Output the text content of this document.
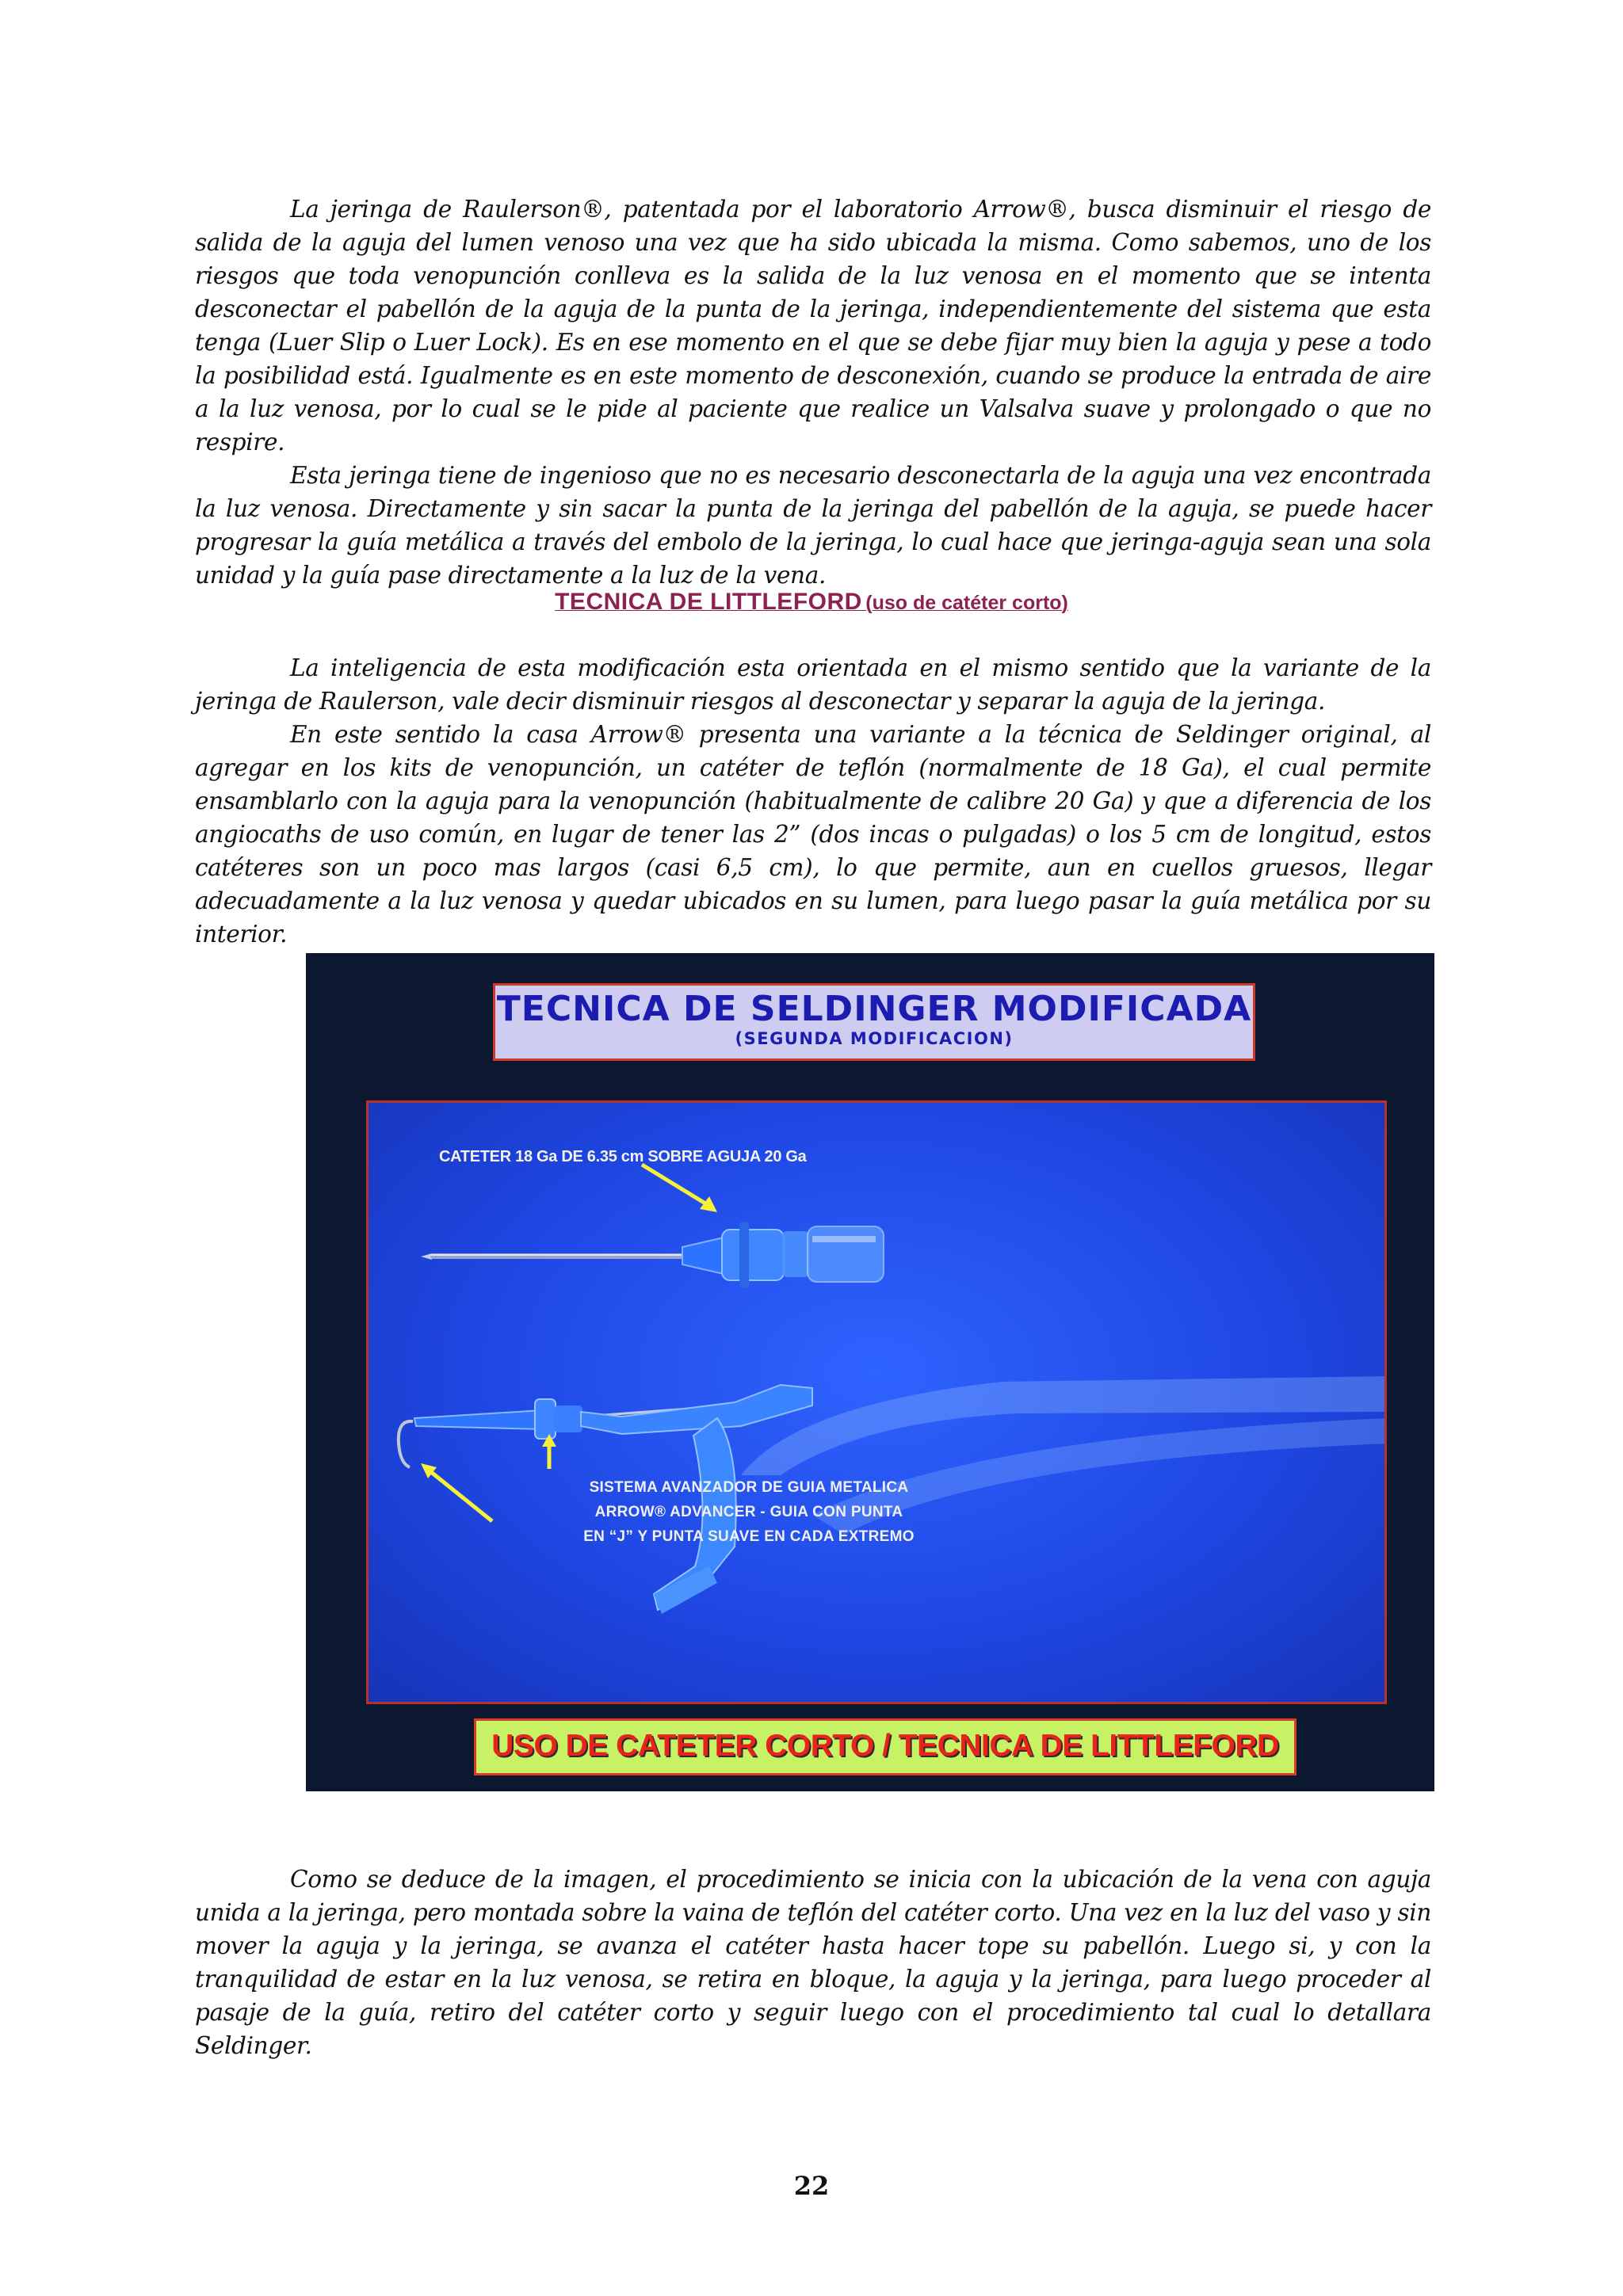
La jeringa de Raulerson®, patentada por el laboratorio Arrow®, busca disminuir el riesgo de salida de la aguja del lumen venoso una vez que ha sido ubicada la misma. Como sabemos, uno de los riesgos que toda venopunción conlleva es la salida de la luz venosa en el momento que se intenta desconectar el pabellón de la aguja de la punta de la jeringa, independientemente del sistema que esta tenga (Luer Slip o Luer Lock). Es en ese momento en el que se debe fijar muy bien la aguja y pese a todo la posibilidad está. Igualmente es en este momento de desconexión, cuando se produce la entrada de aire a la luz venosa, por lo cual se le pide al paciente que realice un Valsalva suave y prolongado o que no respire.

Esta jeringa tiene de ingenioso que no es necesario desconectarla de la aguja una vez encontrada la luz venosa. Directamente y sin sacar la punta de la jeringa del pabellón de la aguja, se puede hacer progresar la guía metálica a través del embolo de la jeringa, lo cual hace que jeringa-aguja sean una sola unidad y la guía pase directamente a la luz de la vena.

TECNICA DE LITTLEFORD (uso de catéter corto)

La inteligencia de esta modificación esta orientada en el mismo sentido que la variante de la jeringa de Raulerson, vale decir disminuir riesgos al desconectar y separar la aguja de la jeringa.

En este sentido la casa Arrow® presenta una variante a la técnica de Seldinger original, al agregar en los kits de venopunción, un catéter de teflón (normalmente de 18 Ga), el cual permite ensamblarlo con la aguja para la venopunción (habitualmente de calibre 20 Ga) y que a diferencia de los angiocaths de uso común, en lugar de tener las 2” (dos incas o pulgadas) o los 5 cm de longitud, estos catéteres son un poco mas largos (casi 6,5 cm), lo que permite, aun en cuellos gruesos, llegar adecuadamente a la luz venosa y quedar ubicados en su lumen, para luego pasar la guía metálica por su interior.

TECNICA DE SELDINGER MODIFICADA
(SEGUNDA MODIFICACION)
CATETER 18 Ga DE 6.35 cm SOBRE AGUJA 20 Ga
SISTEMA AVANZADOR DE GUIA METALICA
ARROW® ADVANCER - GUIA CON PUNTA
EN “J” Y PUNTA SUAVE EN CADA EXTREMO
USO DE CATETER CORTO / TECNICA DE LITTLEFORD

Como se deduce de la imagen, el procedimiento se inicia con la ubicación de la vena con aguja unida a la jeringa, pero montada sobre la vaina de teflón del catéter corto. Una vez en la luz del vaso y sin mover la aguja y la jeringa, se avanza el catéter hasta hacer tope su pabellón. Luego si, y con la tranquilidad de estar en la luz venosa, se retira en bloque, la aguja y la jeringa, para luego proceder al pasaje de la guía, retiro del catéter corto y seguir luego con el procedimiento tal cual lo detallara Seldinger.

22
